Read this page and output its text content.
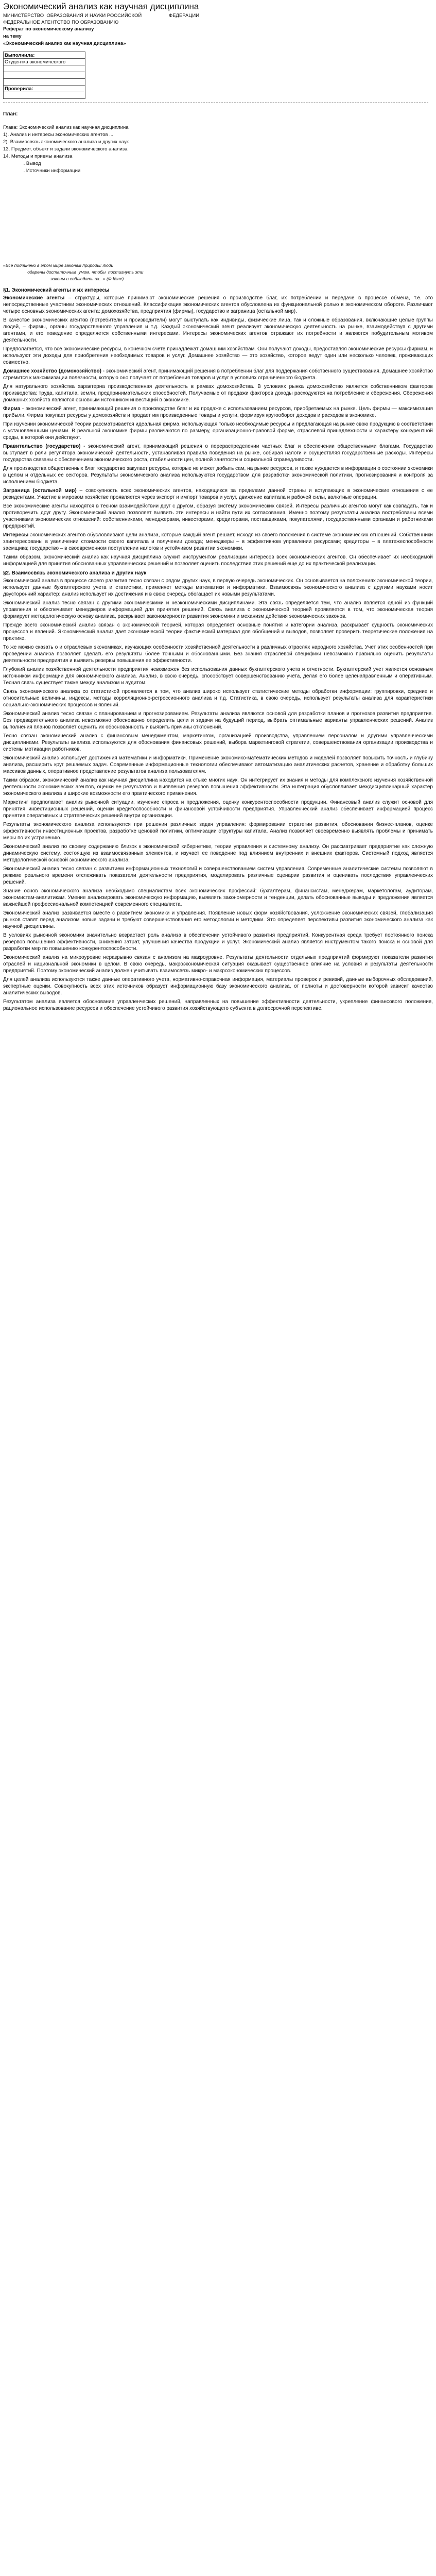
Экономический анализ как научная дисциплина

МИНИСТЕРСТВО  ОБРАЗОВАНИЯ И НАУКИ РОССИЙСКОЙ                    ФЕДЕРАЦИИ

ФЕДЕРАЛЬНОЕ АГЕНТСТВО ПО ОБРАЗОВАНИЮ

Реферат по экономическому анализу

на тему

«Экономический анализ как научная дисциплина»

Выполнила:
Студентка экономического

Проверила:

План:

Глава: Экономический анализ как научная дисциплина

1). Анализ и интересы экономических агентов ...

2). Взаимосвязь экономического анализа и других наук

13. Предмет, объект и задачи экономического анализа

14. Методы и приемы анализа

. Вывод

. Источники информации

«Всё подчинено в этом мире законам природы: люди

одарены достаточным  умом, чтобы  постигнуть эти

законы и соблюдать их...» (Ф.Кэне)

§1. Экономический агенты и их интересы

Экономические агенты – структуры, которые принимают экономические решения о производстве благ, их потреблении и передаче в процессе обмена, т.е. это непосредственные участники экономических отношений. Классификация экономических агентов обусловлена их функциональной ролью в экономическом обороте. Различают четыре основных экономических агента: домохозяйства, предприятия (фирмы), государство и заграница (остальной мир).

В качестве экономических агентов (потребители и производители) могут выступать как индивиды, физические лица, так и сложные образования, включающие целые группы людей, – фирмы, органы государственного управления и т.д. Каждый экономический агент реализует экономическую деятельность на рынке, взаимодействуя с другими агентами, и его поведение определяется собственными интересами. Интересы экономических агентов отражают их потребности и являются побудительным мотивом деятельности.

Предполагается, что все экономические ресурсы, в конечном счете принадлежат домашним хозяйствам. Они получают доходы, предоставляя экономические ресурсы фирмам, и используют эти доходы для приобретения необходимых товаров и услуг. Домашнее хозяйство — это хозяйство, которое ведут один или несколько человек, проживающих совместно.

Домашнее хозяйство (домохозяйство) - экономический агент, принимающий решения в потреблении благ для поддержания собственного существования. Домашнее хозяйство стремится к максимизации полезности, которую оно получает от потребления товаров и услуг в условиях ограниченного бюджета.

Для натурального хозяйства характерна производственная деятельность в рамках домохозяйства. В условиях рынка домохозяйство является собственником факторов производства: труда, капитала, земли, предпринимательских способностей. Получаемые от продажи факторов доходы расходуются на потребление и сбережения. Сбережения домашних хозяйств являются основным источником инвестиций в экономике.

Фирма - экономический агент, принимающий решения о производстве благ и их продаже с использованием ресурсов, приобретаемых на рынке. Цель фирмы — максимизация прибыли. Фирма покупает ресурсы у домохозяйств и продает им произведенные товары и услуги, формируя кругооборот доходов и расходов в экономике.

При изучении экономической теории рассматривается идеальная фирма, использующая только необходимые ресурсы и предлагающая на рынке свою продукцию в соответствии с установленными ценами. В реальной экономике фирмы различаются по размеру, организационно-правовой форме, отраслевой принадлежности и характеру конкурентной среды, в которой они действуют.

Правительство (государство) - экономический агент, принимающий решения о перераспределении частных благ и обеспечении общественными благами. Государство выступает в роли регулятора экономической деятельности, устанавливая правила поведения на рынке, собирая налоги и осуществляя государственные расходы. Интересы государства связаны с обеспечением экономического роста, стабильности цен, полной занятости и социальной справедливости.

Для производства общественных благ государство закупает ресурсы, которые не может добыть сам, на рынке ресурсов, и также нуждается в информации о состоянии экономики в целом и отдельных ее секторов. Результаты экономического анализа используются государством для разработки экономической политики, прогнозирования и контроля за исполнением бюджета.

Заграница (остальной мир) – совокупность всех экономических агентов, находящихся за пределами данной страны и вступающих в экономические отношения с ее резидентами. Участие в мировом хозяйстве проявляется через экспорт и импорт товаров и услуг, движение капитала и рабочей силы, валютные операции.

Все экономические агенты находятся в тесном взаимодействии друг с другом, образуя систему экономических связей. Интересы различных агентов могут как совпадать, так и противоречить друг другу. Экономический анализ позволяет выявить эти интересы и найти пути их согласования. Именно поэтому результаты анализа востребованы всеми участниками экономических отношений: собственниками, менеджерами, инвесторами, кредиторами, поставщиками, покупателями, государственными органами и работниками предприятий.

Интересы экономических агентов обусловливают цели анализа, которые каждый агент решает, исходя из своего положения в системе экономических отношений. Собственники заинтересованы в увеличении стоимости своего капитала и получении дохода; менеджеры – в эффективном управлении ресурсами; кредиторы – в платежеспособности заемщика; государство – в своевременном поступлении налогов и устойчивом развитии экономики.

Таким образом, экономический анализ как научная дисциплина служит инструментом реализации интересов всех экономических агентов. Он обеспечивает их необходимой информацией для принятия обоснованных управленческих решений и позволяет оценить последствия этих решений еще до их практической реализации.

§2. Взаимосвязь экономического анализа и других наук

Экономический анализ в процессе своего развития тесно связан с рядом других наук, в первую очередь экономических. Он основывается на положениях экономической теории, использует данные бухгалтерского учета и статистики, применяет методы математики и информатики. Взаимосвязь экономического анализа с другими науками носит двусторонний характер: анализ использует их достижения и в свою очередь обогащает их новыми результатами.

Экономический анализ тесно связан с другими экономическими и неэкономическими дисциплинами. Эта связь определяется тем, что анализ является одной из функций управления и обеспечивает менеджеров информацией для принятия решений. Связь анализа с экономической теорией проявляется в том, что экономическая теория формирует методологическую основу анализа, раскрывает закономерности развития экономики и механизм действия экономических законов.

Прежде всего экономический анализ связан с экономической теорией, которая определяет основные понятия и категории анализа, раскрывает сущность экономических процессов и явлений. Экономический анализ дает экономической теории фактический материал для обобщений и выводов, позволяет проверить теоретические положения на практике.

То же можно сказать о и отраслевых экономиках, изучающих особенности хозяйственной деятельности в различных отраслях народного хозяйства. Учет этих особенностей при проведении анализа позволяет сделать его результаты более точными и обоснованными. Без знания отраслевой специфики невозможно правильно оценить результаты деятельности предприятия и выявить резервы повышения ее эффективности.

Глубокий анализ хозяйственной деятельности предприятия невозможен без использования данных бухгалтерского учета и отчетности. Бухгалтерский учет является основным источником информации для экономического анализа. Анализ, в свою очередь, способствует совершенствованию учета, делая его более целенаправленным и оперативным. Тесная связь существует также между анализом и аудитом.

Связь экономического анализа со статистикой проявляется в том, что анализ широко использует статистические методы обработки информации: группировки, средние и относительные величины, индексы, методы корреляционно-регрессионного анализа и т.д. Статистика, в свою очередь, использует результаты анализа для характеристики социально-экономических процессов и явлений.

Экономический анализ тесно связан с планированием и прогнозированием. Результаты анализа являются основой для разработки планов и прогнозов развития предприятия. Без предварительного анализа невозможно обоснованно определить цели и задачи на будущий период, выбрать оптимальные варианты управленческих решений. Анализ выполнения планов позволяет оценить их обоснованность и выявить причины отклонений.

Тесно связан экономический анализ с финансовым менеджментом, маркетингом, организацией производства, управлением персоналом и другими управленческими дисциплинами. Результаты анализа используются для обоснования финансовых решений, выбора маркетинговой стратегии, совершенствования организации производства и системы мотивации работников.

Экономический анализ использует достижения математики и информатики. Применение экономико-математических методов и моделей позволяет повысить точность и глубину анализа, расширить круг решаемых задач. Современные информационные технологии обеспечивают автоматизацию аналитических расчетов, хранение и обработку больших массивов данных, оперативное представление результатов анализа пользователям.

Таким образом, экономический анализ как научная дисциплина находится на стыке многих наук. Он интегрирует их знания и методы для комплексного изучения хозяйственной деятельности экономических агентов, оценки ее результатов и выявления резервов повышения эффективности. Эта интеграция обусловливает междисциплинарный характер экономического анализа и широкие возможности его практического применения.

Маркетинг предполагает анализ рыночной ситуации, изучение спроса и предложения, оценку конкурентоспособности продукции. Финансовый анализ служит основой для принятия инвестиционных решений, оценки кредитоспособности и финансовой устойчивости предприятия. Управленческий анализ обеспечивает информацией процесс принятия оперативных и стратегических решений внутри организации.

Результаты экономического анализа используются при решении различных задач управления: формировании стратегии развития, обосновании бизнес-планов, оценке эффективности инвестиционных проектов, разработке ценовой политики, оптимизации структуры капитала. Анализ позволяет своевременно выявлять проблемы и принимать меры по их устранению.

Экономический анализ по своему содержанию близок к экономической кибернетике, теории управления и системному анализу. Он рассматривает предприятие как сложную динамическую систему, состоящую из взаимосвязанных элементов, и изучает ее поведение под влиянием внутренних и внешних факторов. Системный подход является методологической основой экономического анализа.

Экономический анализ тесно связан с развитием информационных технологий и совершенствованием систем управления. Современные аналитические системы позволяют в режиме реального времени отслеживать показатели деятельности предприятия, моделировать различные сценарии развития и оценивать последствия управленческих решений.

Знание основ экономического анализа необходимо специалистам всех экономических профессий: бухгалтерам, финансистам, менеджерам, маркетологам, аудиторам, экономистам-аналитикам. Умение анализировать экономическую информацию, выявлять закономерности и тенденции, делать обоснованные выводы и предложения является важнейшей профессиональной компетенцией современного специалиста.

Экономический анализ развивается вместе с развитием экономики и управления. Появление новых форм хозяйствования, усложнение экономических связей, глобализация рынков ставят перед анализом новые задачи и требуют совершенствования его методологии и методики. Это определяет перспективы развития экономического анализа как научной дисциплины.

В условиях рыночной экономики значительно возрастает роль анализа в обеспечении устойчивого развития предприятий. Конкурентная среда требует постоянного поиска резервов повышения эффективности, снижения затрат, улучшения качества продукции и услуг. Экономический анализ является инструментом такого поиска и основой для разработки мер по повышению конкурентоспособности.

Экономический анализ на микроуровне неразрывно связан с анализом на макроуровне. Результаты деятельности отдельных предприятий формируют показатели развития отраслей и национальной экономики в целом. В свою очередь, макроэкономическая ситуация оказывает существенное влияние на условия и результаты деятельности предприятий. Поэтому экономический анализ должен учитывать взаимосвязь микро- и макроэкономических процессов.

Для целей анализа используются также данные оперативного учета, нормативно-справочная информация, материалы проверок и ревизий, данные выборочных обследований, экспертные оценки. Совокупность всех этих источников образует информационную базу экономического анализа, от полноты и достоверности которой зависит качество аналитических выводов.

Результатом анализа является обоснование управленческих решений, направленных на повышение эффективности деятельности, укрепление финансового положения, рациональное использование ресурсов и обеспечение устойчивого развития хозяйствующего субъекта в долгосрочной перспективе.
